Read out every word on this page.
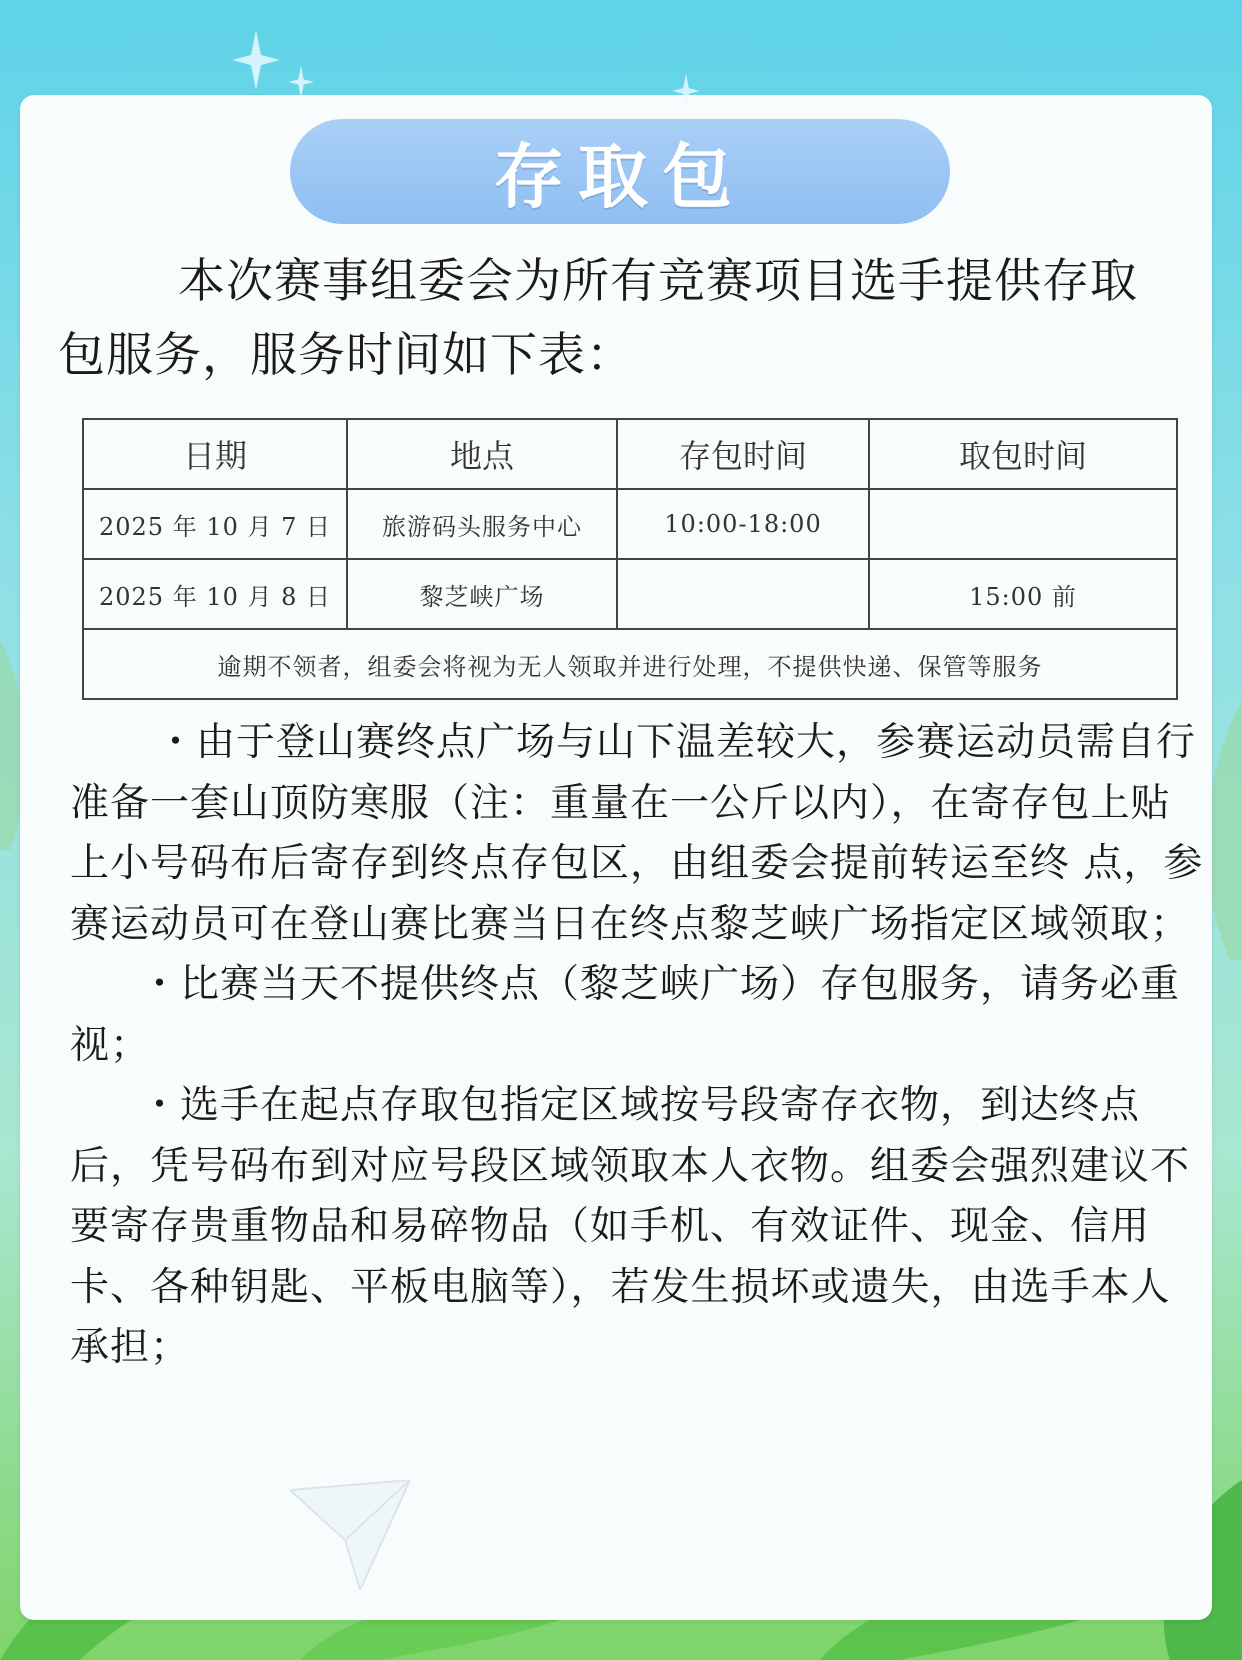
存取包
本次赛事组委会为所有竞赛项目选手提供存取包服务，服务时间如下表：
日期	地点	存包时间	取包时间
2025 年 10 月 7 日	旅游码头服务中心	10:00-18:00	
2025 年 10 月 8 日	黎芝峡广场		15:00 前
逾期不领者，组委会将视为无人领取并进行处理，不提供快递、保管等服务			

・由于登山赛终点广场与山下温差较大，参赛运动员需自行准备一套山顶防寒服（注：重量在一公斤以内），在寄存包上贴上小号码布后寄存到终点存包区，由组委会提前转运至终 点，参赛运动员可在登山赛比赛当日在终点黎芝峡广场指定区域领取；

・比赛当天不提供终点（黎芝峡广场）存包服务，请务必重视；

・选手在起点存取包指定区域按号段寄存衣物，到达终点后，凭号码布到对应号段区域领取本人衣物。组委会强烈建议不要寄存贵重物品和易碎物品（如手机、有效证件、现金、信用卡、各种钥匙、平板电脑等），若发生损坏或遗失，由选手本人承担；
